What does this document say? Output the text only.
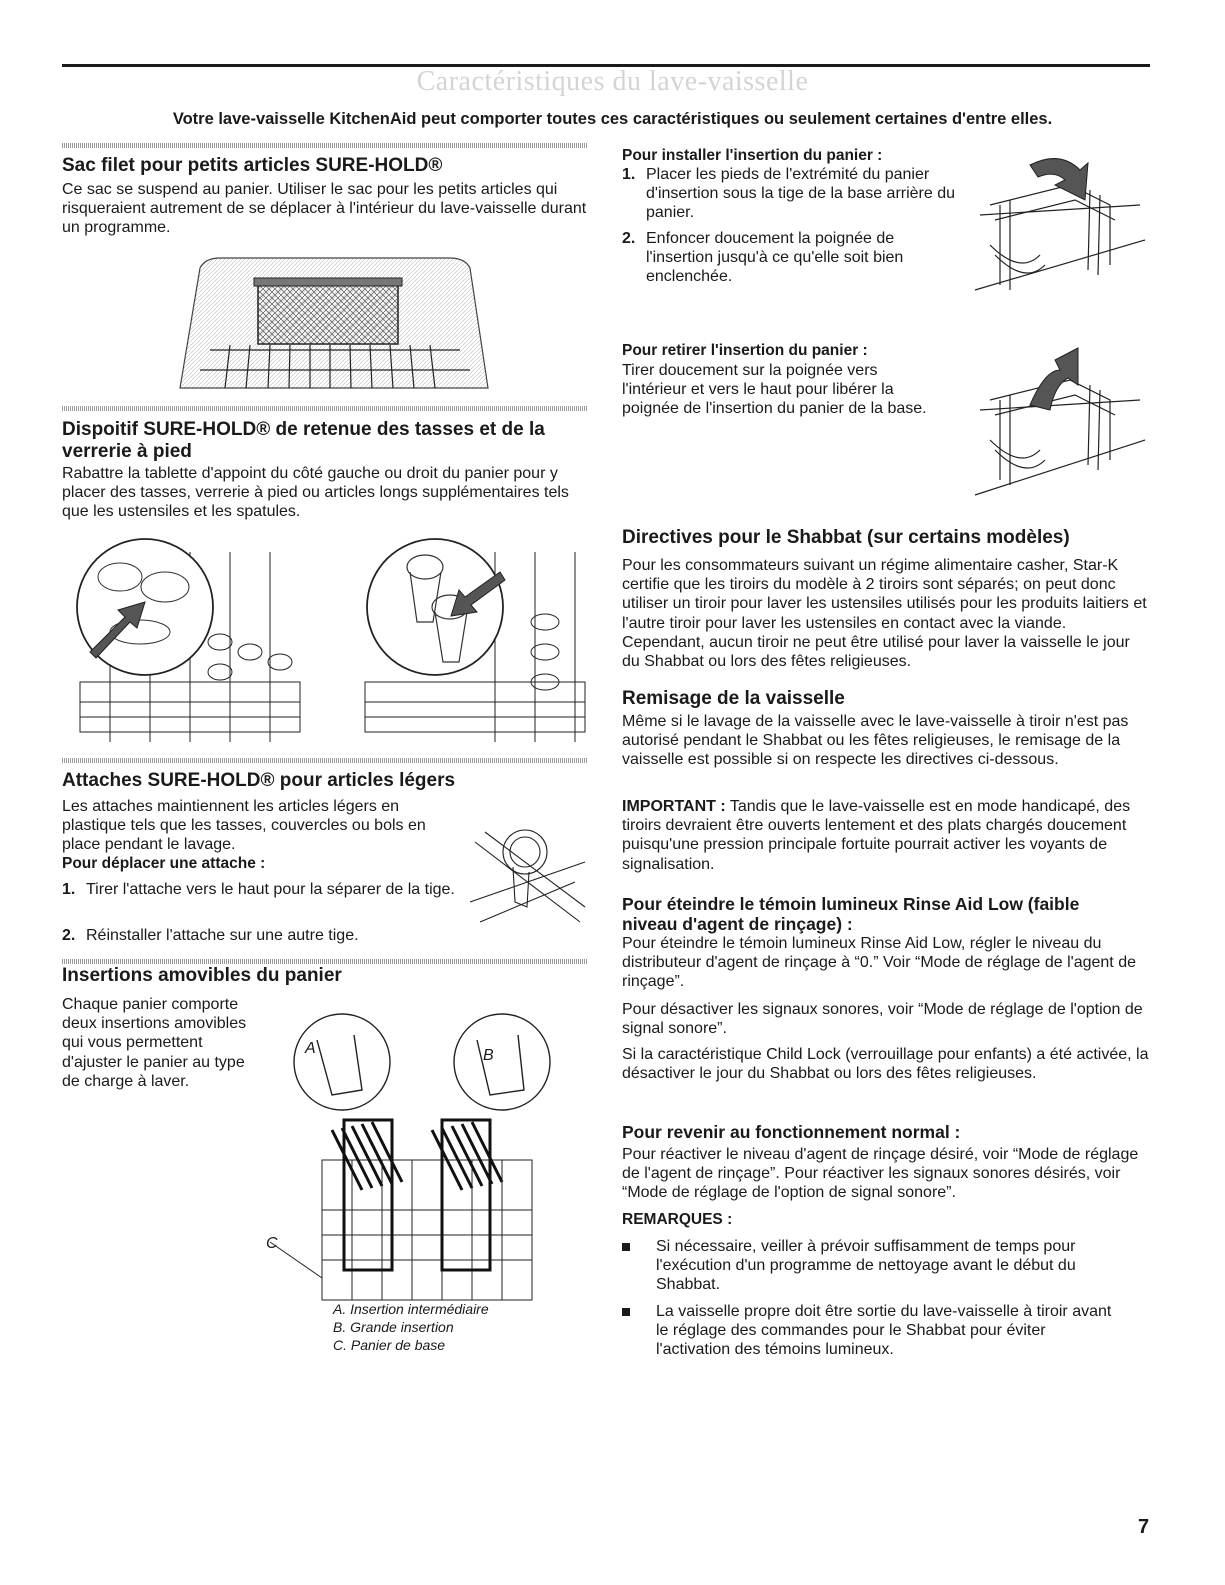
Caractéristiques du lave-vaisselle
Votre lave-vaisselle KitchenAid peut comporter toutes ces caractéristiques ou seulement certaines d'entre elles.
Sac filet pour petits articles SURE-HOLD®

Ce sac se suspend au panier. Utiliser le sac pour les petits articles qui risqueraient autrement de se déplacer à l'intérieur du lave-vaisselle durant un programme.

Dispoitif SURE-HOLD® de retenue des tasses et de la verrerie à pied

Rabattre la tablette d'appoint du côté gauche ou droit du panier pour y placer des tasses, verrerie à pied ou articles longs supplémentaires tels que les ustensiles et les spatules.

Attaches SURE-HOLD® pour articles légers

Les attaches maintiennent les articles légers en plastique tels que les tasses, couvercles ou bols en place pendant le lavage.

Pour déplacer une attache :

1. Tirer l'attache vers le haut pour la séparer de la tige.
2. Réinstaller l'attache sur une autre tige.
Insertions amovibles du panier

Chaque panier comporte deux insertions amovibles qui vous permettent d'ajuster le panier au type de charge à laver.

A	B
C
A. Insertion intermédiaire
B. Grande insertion
C. Panier de base

Pour installer l'insertion du panier :

1. Placer les pieds de l'extrémité du panier d'insertion sous la tige de la base arrière du panier.
2. Enfoncer doucement la poignée de l'insertion jusqu'à ce qu'elle soit bien enclenchée.

Pour retirer l'insertion du panier :

Tirer doucement sur la poignée vers l'intérieur et vers le haut pour libérer la poignée de l'insertion du panier de la base.

Directives pour le Shabbat (sur certains modèles)

Pour les consommateurs suivant un régime alimentaire casher, Star-K certifie que les tiroirs du modèle à 2 tiroirs sont séparés; on peut donc utiliser un tiroir pour laver les ustensiles utilisés pour les produits laitiers et l'autre tiroir pour laver les ustensiles en contact avec la viande. Cependant, aucun tiroir ne peut être utilisé pour laver la vaisselle le jour du Shabbat ou lors des fêtes religieuses.

Remisage de la vaisselle

Même si le lavage de la vaisselle avec le lave-vaisselle à tiroir n'est pas autorisé pendant le Shabbat ou les fêtes religieuses, le remisage de la vaisselle est possible si on respecte les directives ci-dessous.

IMPORTANT : Tandis que le lave-vaisselle est en mode handicapé, des tiroirs devraient être ouverts lentement et des plats chargés doucement puisqu'une pression principale fortuite pourrait activer les voyants de signalisation.

Pour éteindre le témoin lumineux Rinse Aid Low (faible niveau d'agent de rinçage) :

Pour éteindre le témoin lumineux Rinse Aid Low, régler le niveau du distributeur d'agent de rinçage à “0.” Voir “Mode de réglage de l'agent de rinçage”.

Pour désactiver les signaux sonores, voir “Mode de réglage de l'option de signal sonore”.

Si la caractéristique Child Lock (verrouillage pour enfants) a été activée, la désactiver le jour du Shabbat ou lors des fêtes religieuses.

Pour revenir au fonctionnement normal :

Pour réactiver le niveau d'agent de rinçage désiré, voir “Mode de réglage de l'agent de rinçage”. Pour réactiver les signaux sonores désirés, voir “Mode de réglage de l'option de signal sonore”.

REMARQUES :

Si nécessaire, veiller à prévoir suffisamment de temps pour l'exécution d'un programme de nettoyage avant le début du Shabbat.
La vaisselle propre doit être sortie du lave-vaisselle à tiroir avant le réglage des commandes pour le Shabbat pour éviter l'activation des témoins lumineux.
7
